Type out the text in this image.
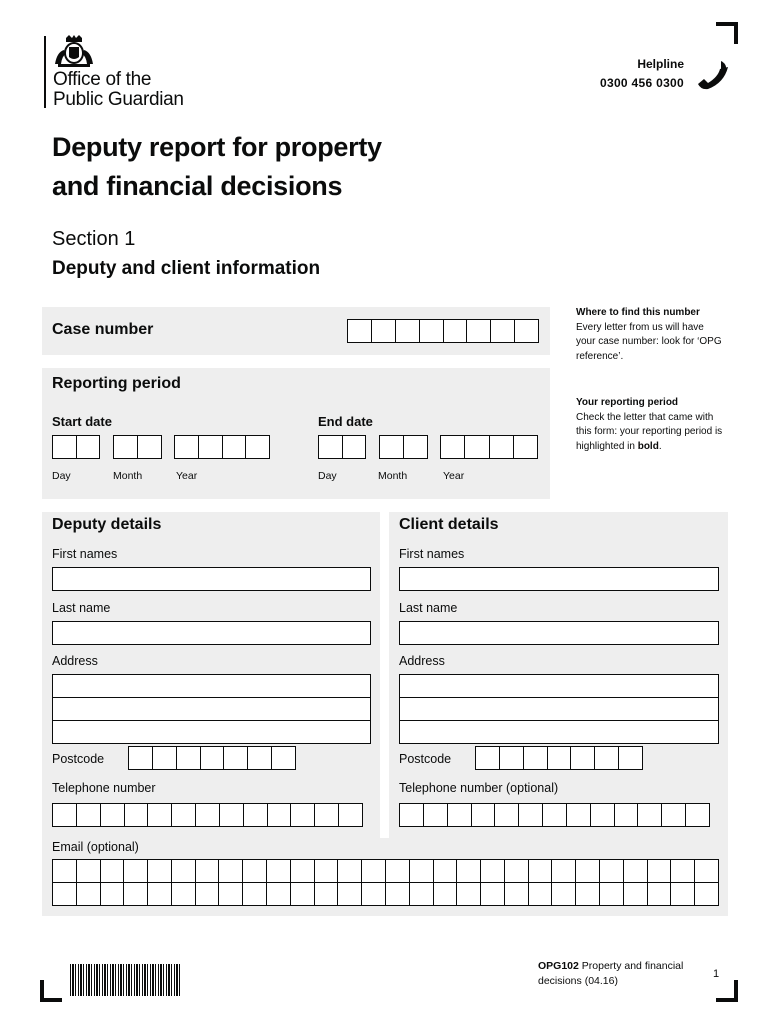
Office of the
Public Guardian
Helpline
0300 456 0300
Deputy report for property
and financial decisions
Section 1
Deputy and client information
Case number
Reporting period
Start date	End date
Day	Month	Year	Day	Month	Year
Where to find this number
Every letter from us will have your case number: look for ‘OPG reference’.
Your reporting period
Check the letter that came with this form: your reporting period is highlighted in bold.
Deputy details
First names
Last name
Address
Postcode
Telephone number
Client details
First names
Last name
Address
Postcode
Telephone number (optional)
Email (optional)
OPG102 Property and financial decisions (04.16)
1
